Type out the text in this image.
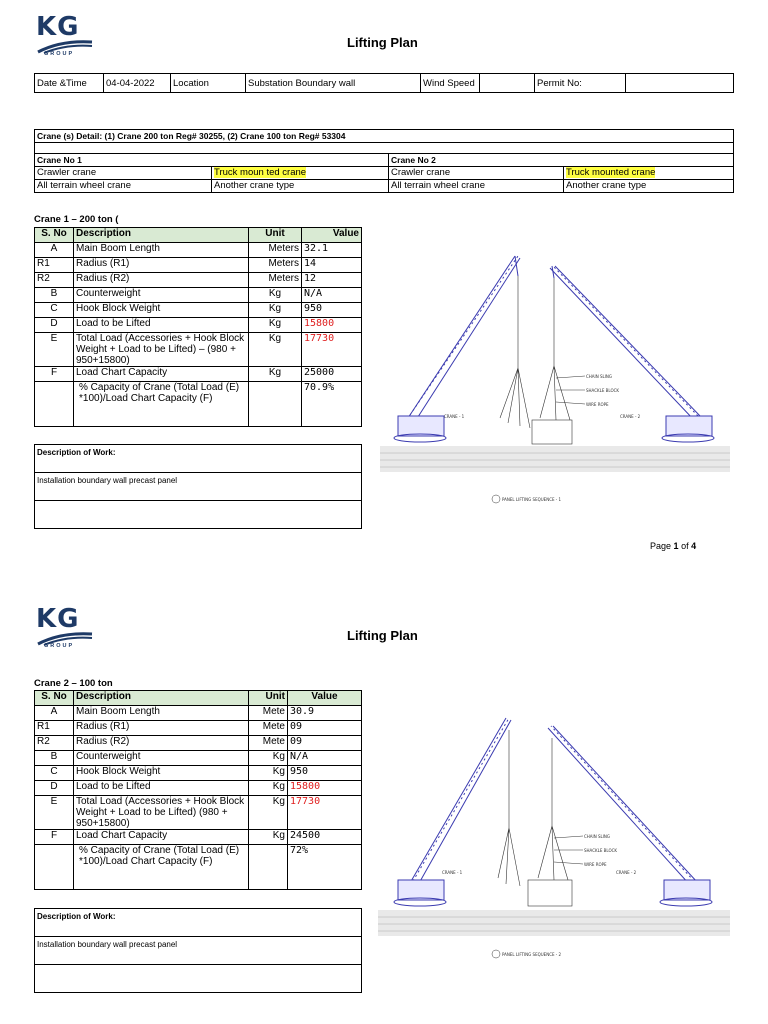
KG
GROUP
Lifting Plan
Date &Time	04-04-2022	Location	Substation Boundary wall	Wind Speed		Permit No:	
Crane (s) Detail: (1) Crane 200 ton Reg# 30255, (2) Crane 100 ton Reg# 53304			

Crane No 1		Crane No 2	
Crawler crane	Truck moun ted crane	Crawler crane	Truck mounted crane
All terrain wheel crane	Another crane type	All terrain wheel crane	Another crane type
Crane 1 – 200 ton (
S. No	Description	Unit	Value
A	Main Boom Length	Meters	32.1
R1	Radius (R1)	Meters	14
R2	Radius (R2)	Meters	12
B	Counterweight	Kg	N/A
C	Hook Block Weight	Kg	950
D	Load to be Lifted	Kg	15800
E	Total Load (Accessories + Hook Block Weight + Load to be Lifted) – (980 + 950+15800)	Kg	17730
F	Load Chart Capacity	Kg	25000
	% Capacity of Crane (Total Load (E) *100)/Load Chart Capacity (F)		70.9%
Description of Work:
Installation boundary wall precast panel

CHAIN SLING
SHACKLE BLOCK
WIRE ROPE
CRANE - 1	CRANE - 2
PANEL LIFTING SEQUENCE - 1
Page 1 of 4
KG
GROUP
Lifting Plan
Crane 2 – 100 ton
S. No	Description	Unit	Value
A	Main Boom Length	Mete	30.9
R1	Radius (R1)	Mete	09
R2	Radius (R2)	Mete	09
B	Counterweight	Kg	N/A
C	Hook Block Weight	Kg	950
D	Load to be Lifted	Kg	15800
E	Total Load (Accessories + Hook Block Weight + Load to be Lifted) (980 + 950+15800)	Kg	17730
F	Load Chart Capacity	Kg	24500
	% Capacity of Crane (Total Load (E) *100)/Load Chart Capacity (F)		72%
Description of Work:
Installation boundary wall precast panel

CHAIN SLING
SHACKLE BLOCK
WIRE ROPE
CRANE - 1	CRANE - 2
PANEL LIFTING SEQUENCE - 2
